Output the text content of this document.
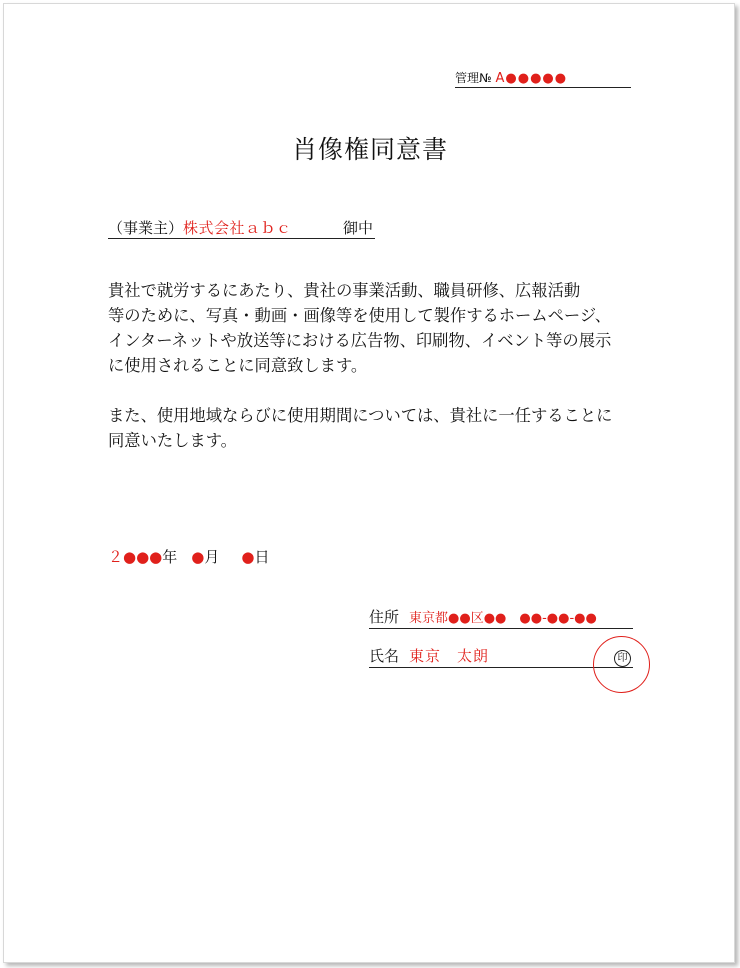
管理№ A●●●●●
肖像権同意書
（事業主）株式会社ａｂｃ	御中

貴社で就労するにあたり、貴社の事業活動、職員研修、広報活動
等のために、写真・動画・画像等を使用して製作するホームページ、
インターネットや放送等における広告物、印刷物、イベント等の展示
に使用されることに同意致します。

また、使用地域ならびに使用期間については、貴社に一任することに
同意いたします。

２●●●年 ●月 ●日
住所 東京都●●区●●　●●-●●-●●
氏名 東京　太朗	印
